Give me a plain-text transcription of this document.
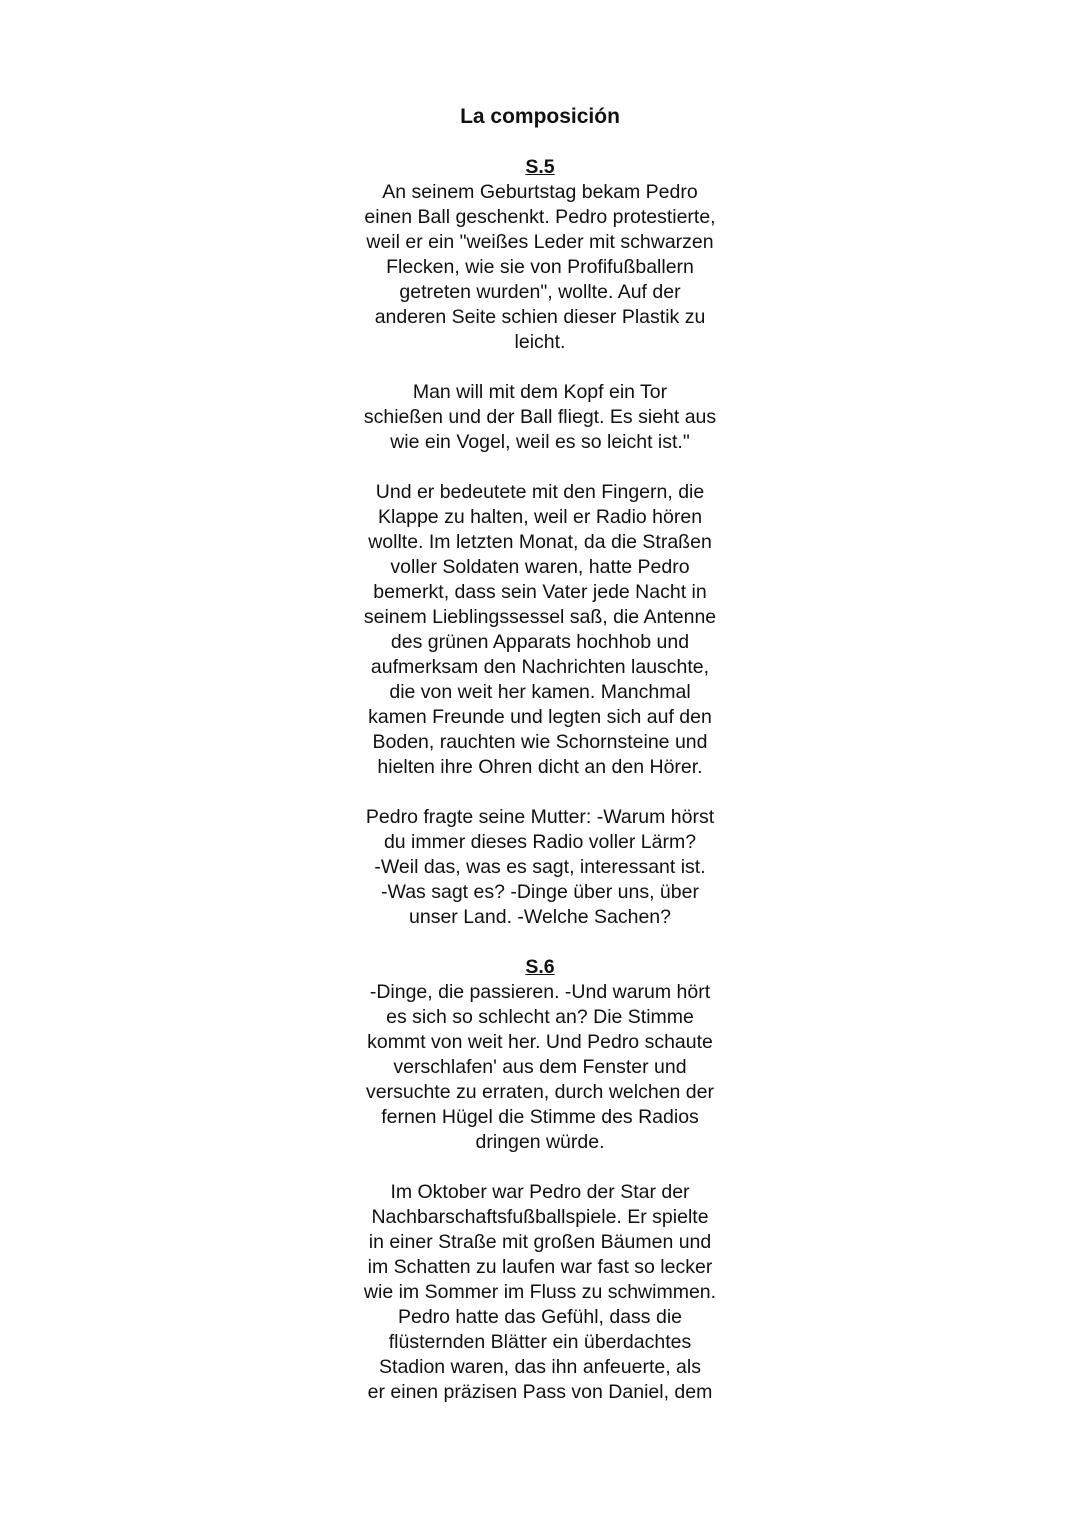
La composición
S.5
An seinem Geburtstag bekam Pedro
einen Ball geschenkt. Pedro protestierte,
weil er ein "weißes Leder mit schwarzen
Flecken, wie sie von Profifußballern
getreten wurden", wollte. Auf der
anderen Seite schien dieser Plastik zu
leicht.
Man will mit dem Kopf ein Tor
schießen und der Ball fliegt. Es sieht aus
wie ein Vogel, weil es so leicht ist."
Und er bedeutete mit den Fingern, die
Klappe zu halten, weil er Radio hören
wollte. Im letzten Monat, da die Straßen
voller Soldaten waren, hatte Pedro
bemerkt, dass sein Vater jede Nacht in
seinem Lieblingssessel saß, die Antenne
des grünen Apparats hochhob und
aufmerksam den Nachrichten lauschte,
die von weit her kamen. Manchmal
kamen Freunde und legten sich auf den
Boden, rauchten wie Schornsteine und
hielten ihre Ohren dicht an den Hörer.
Pedro fragte seine Mutter: -Warum hörst
du immer dieses Radio voller Lärm?
-Weil das, was es sagt, interessant ist.
-Was sagt es? -Dinge über uns, über
unser Land. -Welche Sachen?
S.6
-Dinge, die passieren. -Und warum hört
es sich so schlecht an? Die Stimme
kommt von weit her. Und Pedro schaute
verschlafen' aus dem Fenster und
versuchte zu erraten, durch welchen der
fernen Hügel die Stimme des Radios
dringen würde.
Im Oktober war Pedro der Star der
Nachbarschaftsfußballspiele. Er spielte
in einer Straße mit großen Bäumen und
im Schatten zu laufen war fast so lecker
wie im Sommer im Fluss zu schwimmen.
Pedro hatte das Gefühl, dass die
flüsternden Blätter ein überdachtes
Stadion waren, das ihn anfeuerte, als
er einen präzisen Pass von Daniel, dem
